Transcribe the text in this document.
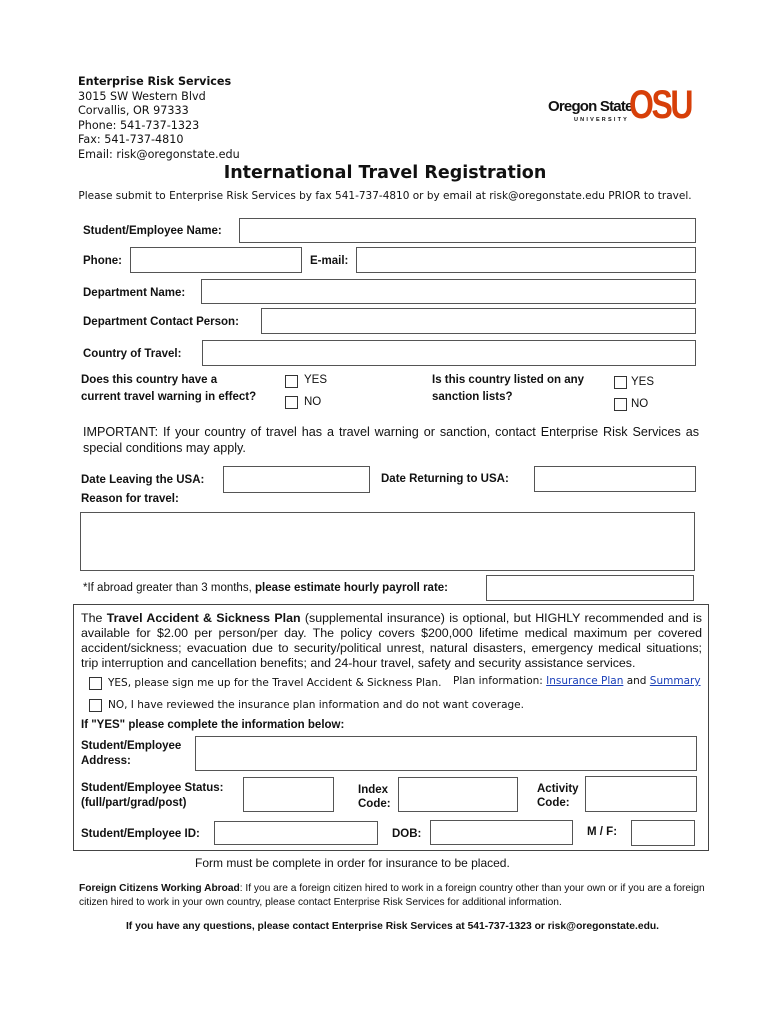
Enterprise Risk Services
3015 SW Western Blvd
Corvallis, OR 97333
Phone: 541-737-1323
Fax: 541-737-4810
Email: risk@oregonstate.edu
Oregon State
UNIVERSITY OSU
International Travel Registration
Please submit to Enterprise Risk Services by fax 541-737-4810 or by email at risk@oregonstate.edu PRIOR to travel.
Student/Employee Name:
Phone:	E-mail:
Department Name:
Department Contact Person:
Country of Travel:
Does this country have a
current travel warning in effect?
YES
NO
Is this country listed on any
sanction lists?
YES
NO
IMPORTANT: If your country of travel has a travel warning or sanction, contact Enterprise Risk Services as special conditions may apply.
Date Leaving the USA:	Date Returning to USA:
Reason for travel:
*If abroad greater than 3 months, please estimate hourly payroll rate:
The Travel Accident & Sickness Plan (supplemental insurance) is optional, but HIGHLY recommended and is available for $2.00 per person/per day. The policy covers $200,000 lifetime medical maximum per covered accident/sickness; evacuation due to security/political unrest, natural disasters, emergency medical situations; trip interruption and cancellation benefits; and 24-hour travel, safety and security assistance services.
YES, please sign me up for the Travel Accident & Sickness Plan. Plan information: Insurance Plan and Summary
NO, I have reviewed the insurance plan information and do not want coverage.
If "YES" please complete the information below:
Student/Employee
Address:
Student/Employee Status:
(full/part/grad/post)
Index
Code:
Activity
Code:
Student/Employee ID:	DOB:	M / F:
Form must be complete in order for insurance to be placed.
Foreign Citizens Working Abroad: If you are a foreign citizen hired to work in a foreign country other than your own or if you are a foreign citizen hired to work in your own country, please contact Enterprise Risk Services for additional information.
If you have any questions, please contact Enterprise Risk Services at 541-737-1323 or risk@oregonstate.edu.
